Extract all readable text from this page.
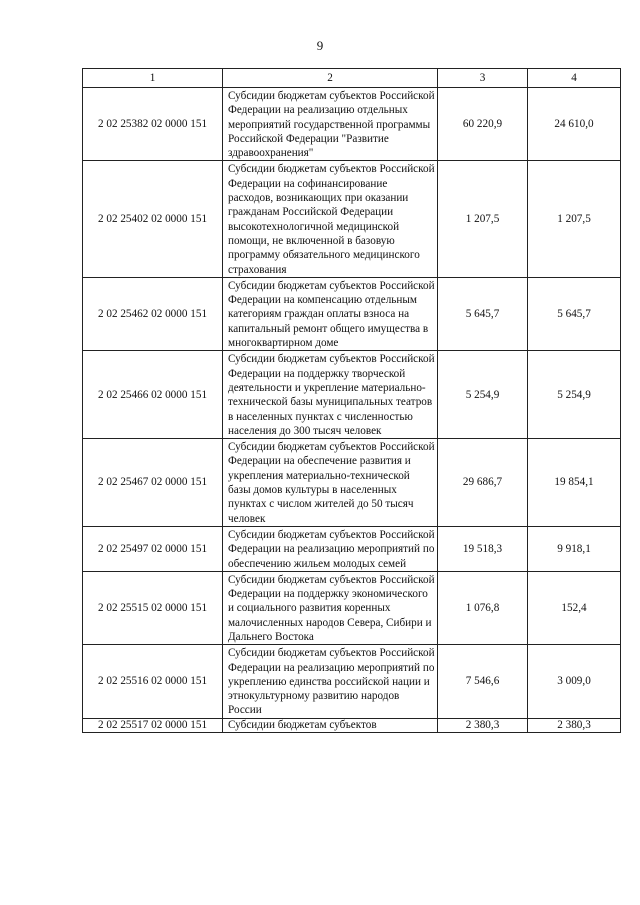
9
1	2	3	4
2 02 25382 02 0000 151	Субсидии бюджетам субъектов Российской Федерации на реализацию отдельных мероприятий государственной программы Российской Федерации "Развитие здравоохранения"	60 220,9	24 610,0
2 02 25402 02 0000 151	Субсидии бюджетам субъектов Российской Федерации на софинансирование расходов, возникающих при оказании гражданам Российской Федерации высокотехнологичной медицинской помощи, не включенной в базовую программу обязательного медицинского страхования	1 207,5	1 207,5
2 02 25462 02 0000 151	Субсидии бюджетам субъектов Российской Федерации на компенсацию отдельным категориям граждан оплаты взноса на капитальный ремонт общего имущества в многоквартирном доме	5 645,7	5 645,7
2 02 25466 02 0000 151	Субсидии бюджетам субъектов Российской Федерации на поддержку творческой деятельности и укрепление материально-технической базы муниципальных театров в населенных пунктах с численностью населения до 300 тысяч человек	5 254,9	5 254,9
2 02 25467 02 0000 151	Субсидии бюджетам субъектов Российской Федерации на обеспечение развития и укрепления материально-технической базы домов культуры в населенных пунктах с числом жителей до 50 тысяч человек	29 686,7	19 854,1
2 02 25497 02 0000 151	Субсидии бюджетам субъектов Российской Федерации на реализацию мероприятий по обеспечению жильем молодых семей	19 518,3	9 918,1
2 02 25515 02 0000 151	Субсидии бюджетам субъектов Российской Федерации на поддержку экономического и социального развития коренных малочисленных народов Севера, Сибири и Дальнего Востока	1 076,8	152,4
2 02 25516 02 0000 151	Субсидии бюджетам субъектов Российской Федерации на реализацию мероприятий по укреплению единства российской нации и этнокультурному развитию народов России	7 546,6	3 009,0
2 02 25517 02 0000 151	Субсидии бюджетам субъектов	2 380,3	2 380,3
